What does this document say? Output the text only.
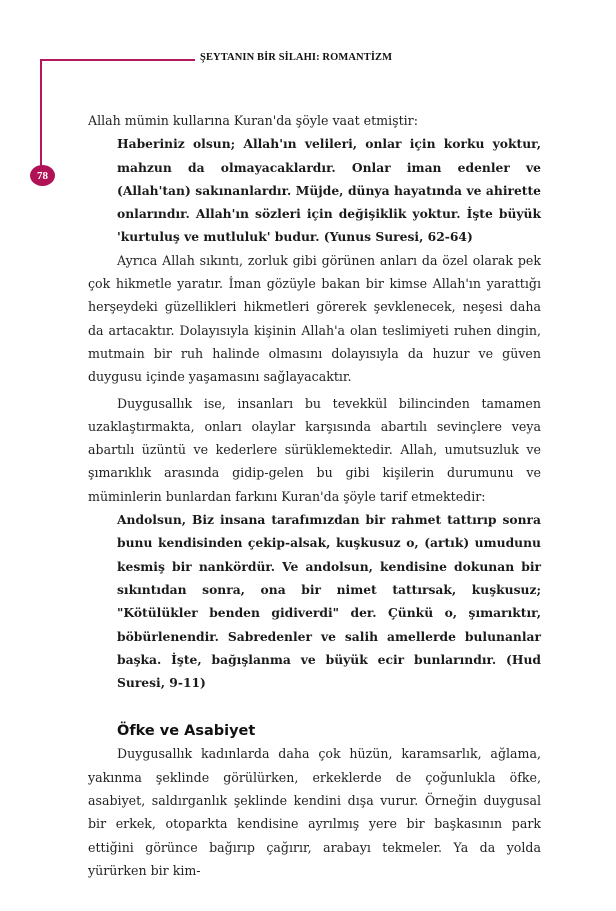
78
ŞEYTANIN BİR SİLAHI: ROMANTİZM

Allah mümin kullarına Kuran'da şöyle vaat etmiştir:

Haberiniz olsun; Allah'ın velileri, onlar için korku yoktur, mahzun da olmayacaklardır. Onlar iman edenler ve (Allah'tan) sakınanlardır. Müjde, dünya hayatında ve ahirette onlarındır. Allah'ın sözleri için değişiklik yoktur. İşte büyük 'kurtuluş ve mutluluk' budur. (Yunus Suresi, 62-64)

Ayrıca Allah sıkıntı, zorluk gibi görünen anları da özel olarak pek çok hikmetle yaratır. İman gözüyle bakan bir kimse Allah'ın yarattığı herşeydeki güzellikleri hikmetleri görerek şevklenecek, neşesi daha da artacaktır. Dolayısıyla kişinin Allah'a olan teslimiyeti ruhen dingin, mutmain bir ruh halinde olmasını dolayısıyla da huzur ve güven duygusu içinde yaşamasını sağlayacaktır.

Duygusallık ise, insanları bu tevekkül bilincinden tamamen uzaklaştırmakta, onları olaylar karşısında abartılı sevinçlere veya abartılı üzüntü ve kederlere sürüklemektedir. Allah, umutsuzluk ve şımarıklık arasında gidip-gelen bu gibi kişilerin durumunu ve müminlerin bunlardan farkını Kuran'da şöyle tarif etmektedir:

Andolsun, Biz insana tarafımızdan bir rahmet tattırıp sonra bunu kendisinden çekip-alsak, kuşkusuz o, (artık) umudunu kesmiş bir nankördür. Ve andolsun, kendisine dokunan bir sıkıntıdan sonra, ona bir nimet tattırsak, kuşkusuz; "Kötülükler benden gidiverdi" der. Çünkü o, şımarıktır, böbürlenendir. Sabredenler ve salih amellerde bulunanlar başka. İşte, bağışlanma ve büyük ecir bunlarındır. (Hud Suresi, 9-11)

Öfke ve Asabiyet

Duygusallık kadınlarda daha çok hüzün, karamsarlık, ağlama, yakınma şeklinde görülürken, erkeklerde de çoğunlukla öfke, asabiyet, saldırganlık şeklinde kendini dışa vurur. Örneğin duygusal bir erkek, otoparkta kendisine ayrılmış yere bir başkasının park ettiğini görünce bağırıp çağırır, arabayı tekmeler. Ya da yolda yürürken bir kim-
